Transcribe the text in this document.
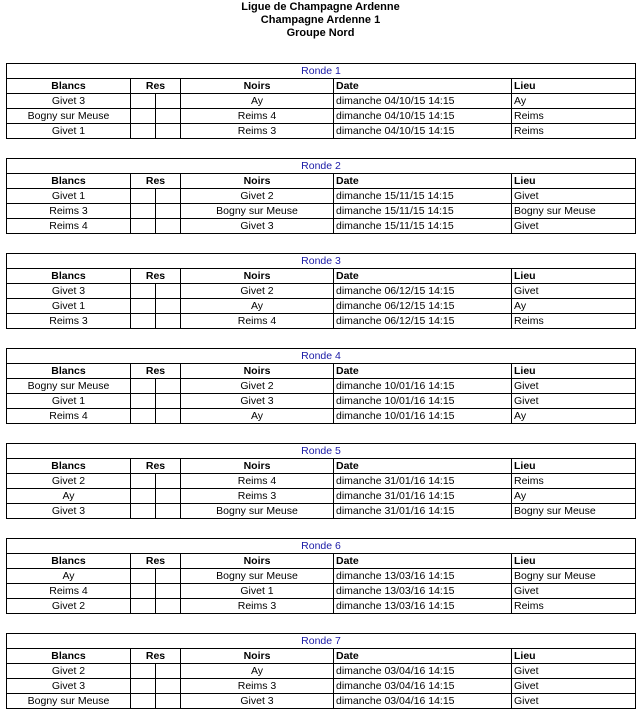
Ligue de Champagne Ardenne
Champagne Ardenne 1
Groupe Nord
Ronde 1					
Blancs	Res		Noirs	Date	Lieu
Givet 3			Ay	dimanche 04/10/15 14:15	Ay
Bogny sur Meuse			Reims 4	dimanche 04/10/15 14:15	Reims
Givet 1			Reims 3	dimanche 04/10/15 14:15	Reims
Ronde 2					
Blancs	Res		Noirs	Date	Lieu
Givet 1			Givet 2	dimanche 15/11/15 14:15	Givet
Reims 3			Bogny sur Meuse	dimanche 15/11/15 14:15	Bogny sur Meuse
Reims 4			Givet 3	dimanche 15/11/15 14:15	Givet
Ronde 3					
Blancs	Res		Noirs	Date	Lieu
Givet 3			Givet 2	dimanche 06/12/15 14:15	Givet
Givet 1			Ay	dimanche 06/12/15 14:15	Ay
Reims 3			Reims 4	dimanche 06/12/15 14:15	Reims
Ronde 4					
Blancs	Res		Noirs	Date	Lieu
Bogny sur Meuse			Givet 2	dimanche 10/01/16 14:15	Givet
Givet 1			Givet 3	dimanche 10/01/16 14:15	Givet
Reims 4			Ay	dimanche 10/01/16 14:15	Ay
Ronde 5					
Blancs	Res		Noirs	Date	Lieu
Givet 2			Reims 4	dimanche 31/01/16 14:15	Reims
Ay			Reims 3	dimanche 31/01/16 14:15	Ay
Givet 3			Bogny sur Meuse	dimanche 31/01/16 14:15	Bogny sur Meuse
Ronde 6					
Blancs	Res		Noirs	Date	Lieu
Ay			Bogny sur Meuse	dimanche 13/03/16 14:15	Bogny sur Meuse
Reims 4			Givet 1	dimanche 13/03/16 14:15	Givet
Givet 2			Reims 3	dimanche 13/03/16 14:15	Reims
Ronde 7					
Blancs	Res		Noirs	Date	Lieu
Givet 2			Ay	dimanche 03/04/16 14:15	Givet
Givet 3			Reims 3	dimanche 03/04/16 14:15	Givet
Bogny sur Meuse			Givet 3	dimanche 03/04/16 14:15	Givet
